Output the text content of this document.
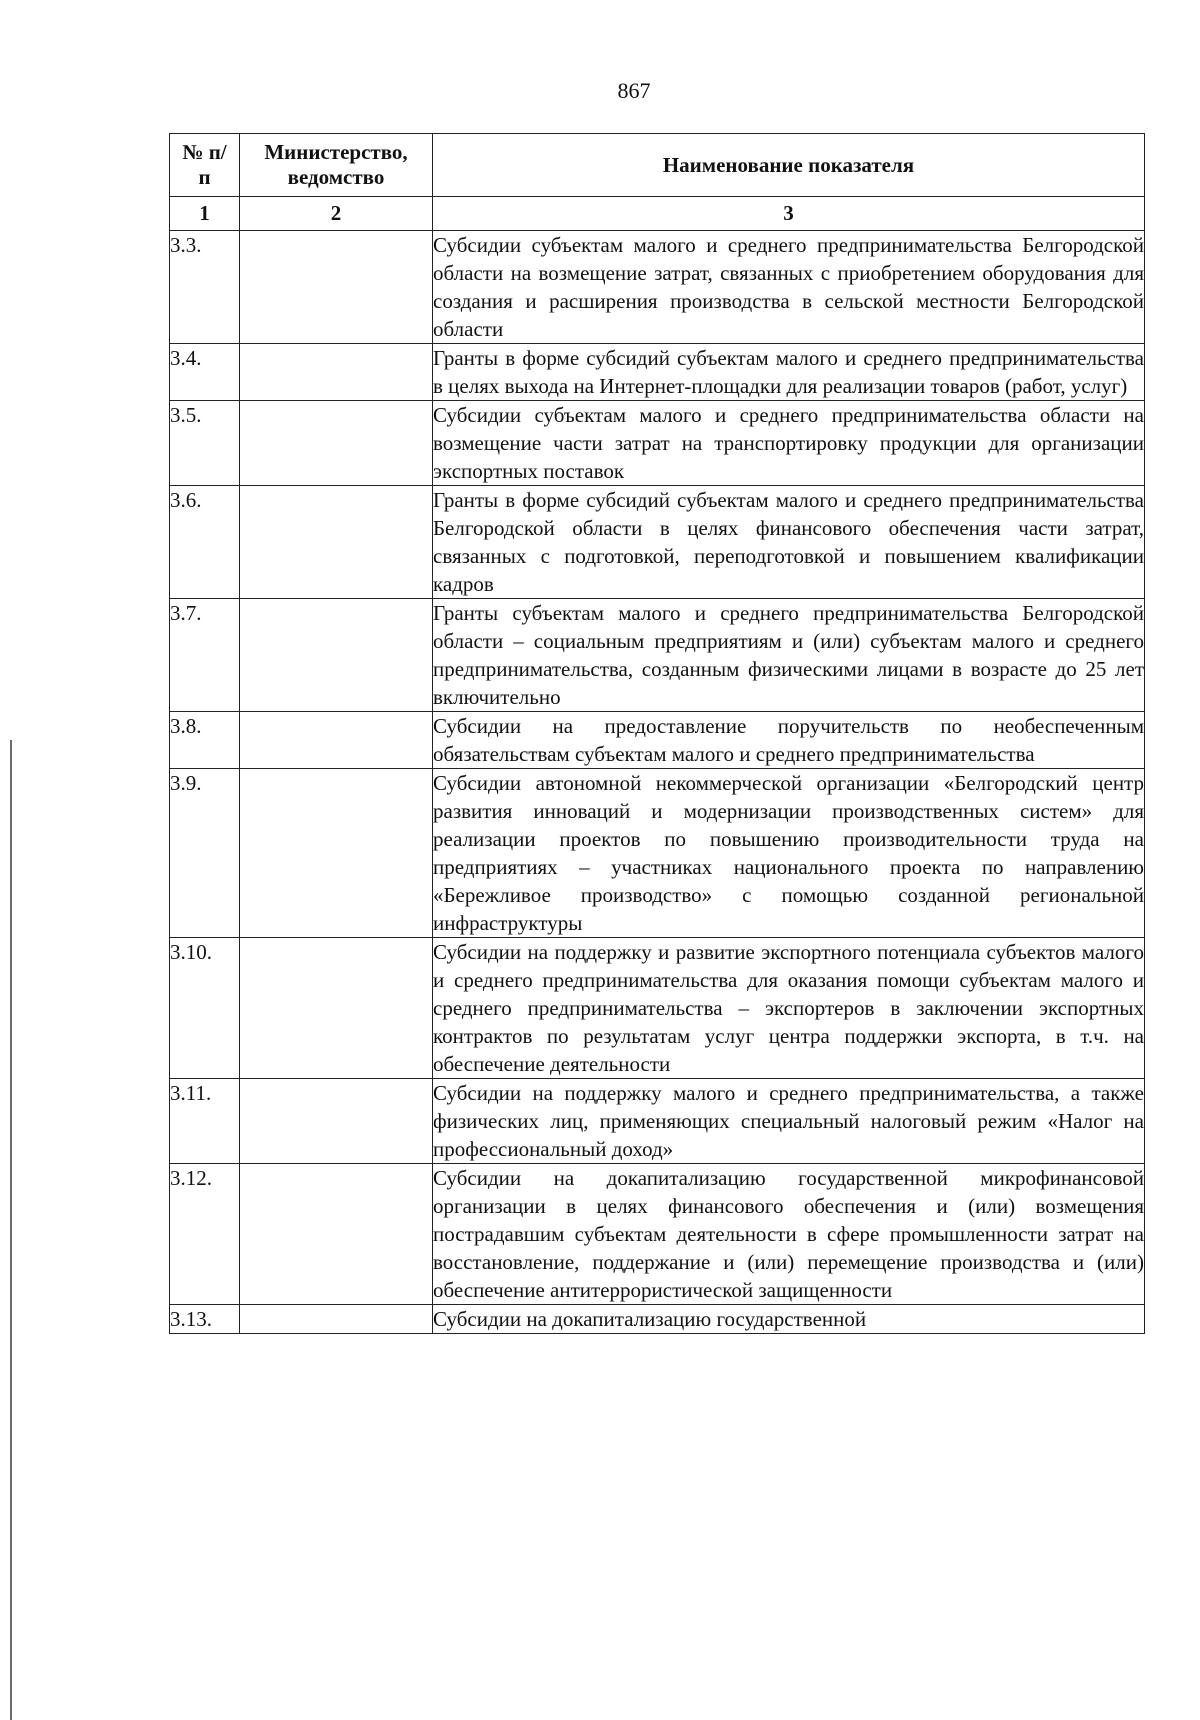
867
№ п/п	Министерство, ведомство	Наименование показателя
1	2	3
3.3.		Субсидии субъектам малого и среднего предпринимательства Белгородской области на возмещение затрат, связанных с приобретением оборудования для создания и расширения производства в сельской местности Белгородской области
3.4.		Гранты в форме субсидий субъектам малого и среднего предпринимательства в целях выхода на Интернет-площадки для реализации товаров (работ, услуг)
3.5.		Субсидии субъектам малого и среднего предпринимательства области на возмещение части затрат на транспортировку продукции для организации экспортных поставок
3.6.		Гранты в форме субсидий субъектам малого и среднего предпринимательства Белгородской области в целях финансового обеспечения части затрат, связанных с подготовкой, переподготовкой и повышением квалификации кадров
3.7.		Гранты субъектам малого и среднего предпринимательства Белгородской области – социальным предприятиям и (или) субъектам малого и среднего предпринимательства, созданным физическими лицами в возрасте до 25 лет включительно
3.8.		Субсидии на предоставление поручительств по необеспеченным обязательствам субъектам малого и среднего предпринимательства
3.9.		Субсидии автономной некоммерческой организации «Белгородский центр развития инноваций и модернизации производственных систем» для реализации проектов по повышению производительности труда на предприятиях – участниках национального проекта по направлению «Бережливое производство» с помощью созданной региональной инфраструктуры
3.10.		Субсидии на поддержку и развитие экспортного потенциала субъектов малого и среднего предпринимательства для оказания помощи субъектам малого и среднего предпринимательства – экспортеров в заключении экспортных контрактов по результатам услуг центра поддержки экспорта, в т.ч. на обеспечение деятельности
3.11.		Субсидии на поддержку малого и среднего предпринимательства, а также физических лиц, применяющих специальный налоговый режим «Налог на профессиональный доход»
3.12.		Субсидии на докапитализацию государственной микрофинансовой организации в целях финансового обеспечения и (или) возмещения пострадавшим субъектам деятельности в сфере промышленности затрат на восстановление, поддержание и (или) перемещение производства и (или) обеспечение антитеррористической защищенности
3.13.		Субсидии на докапитализацию государственной
